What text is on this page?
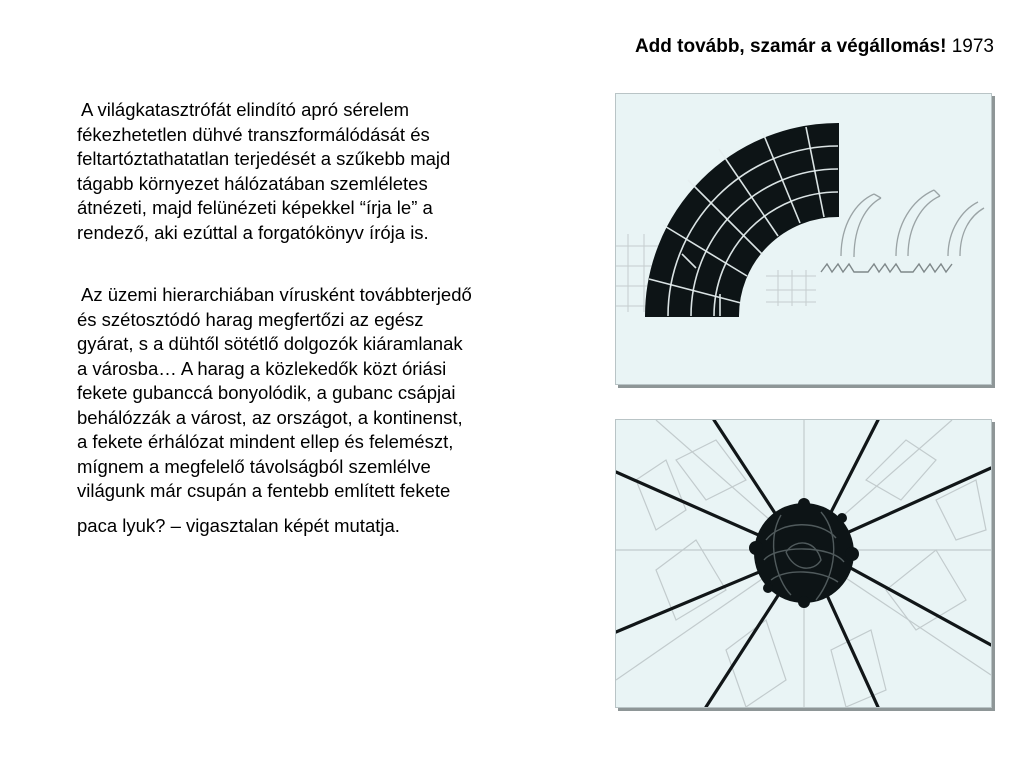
Add tovább, szamár a végállomás! 1973
A világkatasztrófát elindító apró sérelem
fékezhetetlen dühvé transzformálódását és
feltartóztathatatlan terjedését a szűkebb majd
tágabb környezet hálózatában szemléletes
átnézeti, majd felünézeti képekkel “írja le” a
rendező, aki ezúttal a forgatókönyv írója is.
Az üzemi hierarchiában vírusként továbbterjedő
és szétosztódó harag megfertőzi az egész
gyárat, s a dühtől sötétlő dolgozók kiáramlanak
a városba… A harag a közlekedők közt óriási
fekete gubanccá bonyolódik, a gubanc csápjai
behálózzák a várost, az országot, a kontinenst,
a fekete érhálózat mindent ellep és felemészt,
mígnem a megfelelő távolságból szemlélve
világunk már csupán a fentebb említett fekete
paca lyuk? – vigasztalan képét mutatja.
